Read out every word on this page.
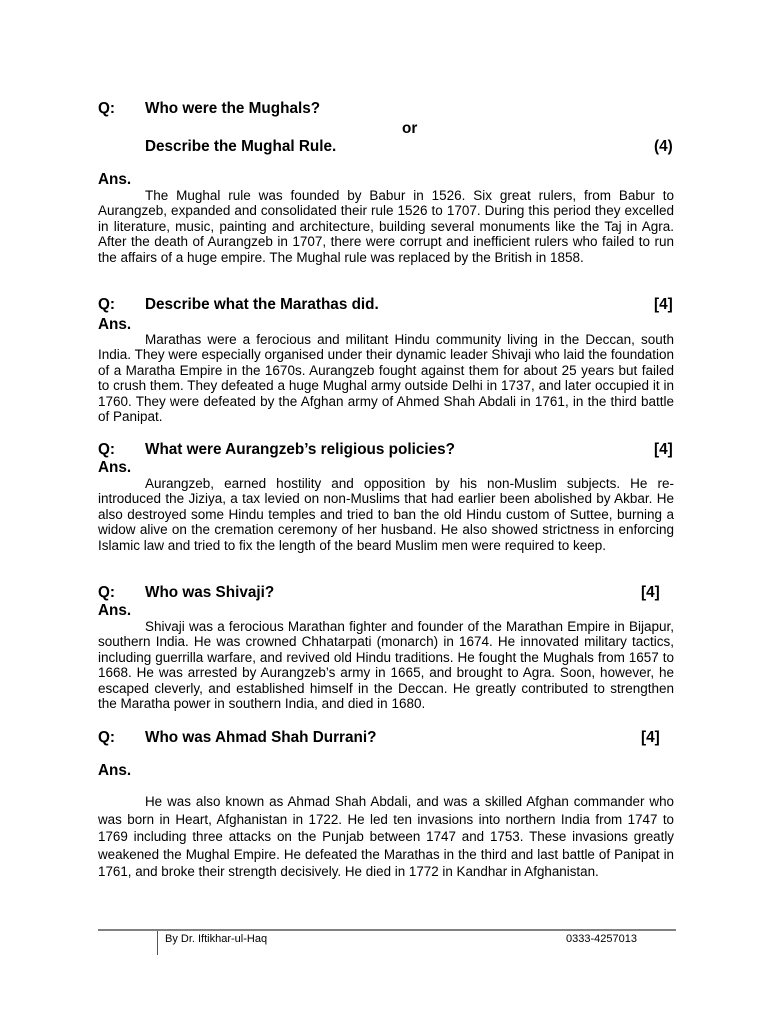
Q: Who were the Mughals?
or
Describe the Mughal Rule.	(4)
Ans.

The Mughal rule was founded by Babur in 1526. Six great rulers, from Babur to Aurangzeb, expanded and consolidated their rule 1526 to 1707. During this period they excelled in literature, music, painting and architecture, building several monuments like the Taj in Agra. After the death of Aurangzeb in 1707, there were corrupt and inefficient rulers who failed to run the affairs of a huge empire. The Mughal rule was replaced by the British in 1858.

Q: Describe what the Marathas did.	[4]
Ans.

Marathas were a ferocious and militant Hindu community living in the Deccan, south India. They were especially organised under their dynamic leader Shivaji who laid the foundation of a Maratha Empire in the 1670s. Aurangzeb fought against them for about 25 years but failed to crush them. They defeated a huge Mughal army outside Delhi in 1737, and later occupied it in 1760. They were defeated by the Afghan army of Ahmed Shah Abdali in 1761, in the third battle of Panipat.

Q: What were Aurangzeb’s religious policies?	[4]
Ans.

Aurangzeb, earned hostility and opposition by his non-Muslim subjects. He re-introduced the Jiziya, a tax levied on non-Muslims that had earlier been abolished by Akbar. He also destroyed some Hindu temples and tried to ban the old Hindu custom of Suttee, burning a widow alive on the cremation ceremony of her husband. He also showed strictness in enforcing Islamic law and tried to fix the length of the beard Muslim men were required to keep.

Q: Who was Shivaji?	[4]
Ans.

Shivaji was a ferocious Marathan fighter and founder of the Marathan Empire in Bijapur, southern India. He was crowned Chhatarpati (monarch) in 1674. He innovated military tactics, including guerrilla warfare, and revived old Hindu traditions. He fought the Mughals from 1657 to 1668. He was arrested by Aurangzeb’s army in 1665, and brought to Agra. Soon, however, he escaped cleverly, and established himself in the Deccan. He greatly contributed to strengthen the Maratha power in southern India, and died in 1680.

Q: Who was Ahmad Shah Durrani?	[4]
Ans.

He was also known as Ahmad Shah Abdali, and was a skilled Afghan commander who was born in Heart, Afghanistan in 1722. He led ten invasions into northern India from 1747 to 1769 including three attacks on the Punjab between 1747 and 1753. These invasions greatly weakened the Mughal Empire. He defeated the Marathas in the third and last battle of Panipat in 1761, and broke their strength decisively. He died in 1772 in Kandhar in Afghanistan.

By Dr. Iftikhar-ul-Haq	0333-4257013
